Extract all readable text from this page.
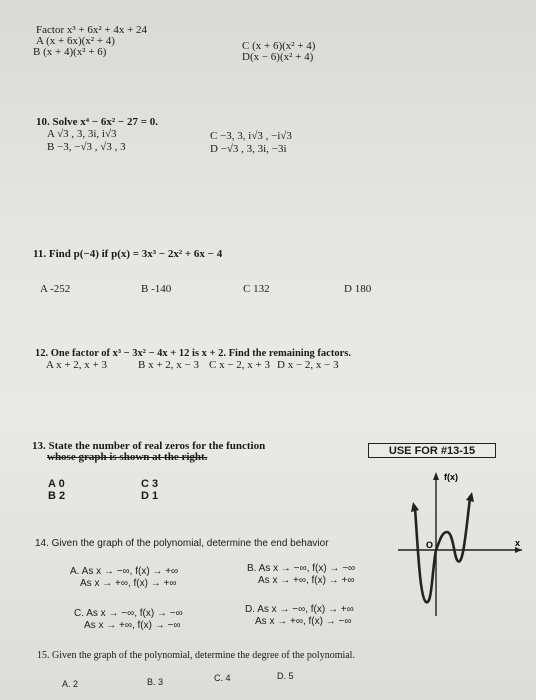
Factor x³ + 6x² + 4x + 24
A (x + 6x)(x² + 4)
B (x + 4)(x² + 6)	C (x + 6)(x² + 4)
D(x − 6)(x² + 4)
10. Solve x⁴ − 6x² − 27 = 0.
A √3 , 3, 3i, i√3
B −3, −√3 , √3 , 3
C −3, 3, i√3 , −i√3
D −√3 , 3, 3i, −3i
11. Find p(−4) if p(x) = 3x³ − 2x² + 6x − 4
A -252	B -140	C 132	D 180
12. One factor of x³ − 3x² − 4x + 12 is x + 2. Find the remaining factors.
A x + 2, x + 3	B x + 2, x − 3 C x − 2, x + 3 D x − 2, x − 3
13. State the number of real zeros for the function
whose graph is shown at the right.
A 0
B 2
C 3
D 1
USE FOR #13-15
f(x)
x
O
14. Given the graph of the polynomial, determine the end behavior
A. As x → −∞, f(x) → +∞
As x → +∞, f(x) → +∞
B. As x → −∞, f(x) → −∞
As x → +∞, f(x) → +∞
C. As x → −∞, f(x) → −∞
As x → +∞, f(x) → −∞
D. As x → −∞, f(x) → +∞
As x → +∞, f(x) → −∞
15. Given the graph of the polynomial, determine the degree of the polynomial.
A. 2	B. 3	C. 4	D. 5
